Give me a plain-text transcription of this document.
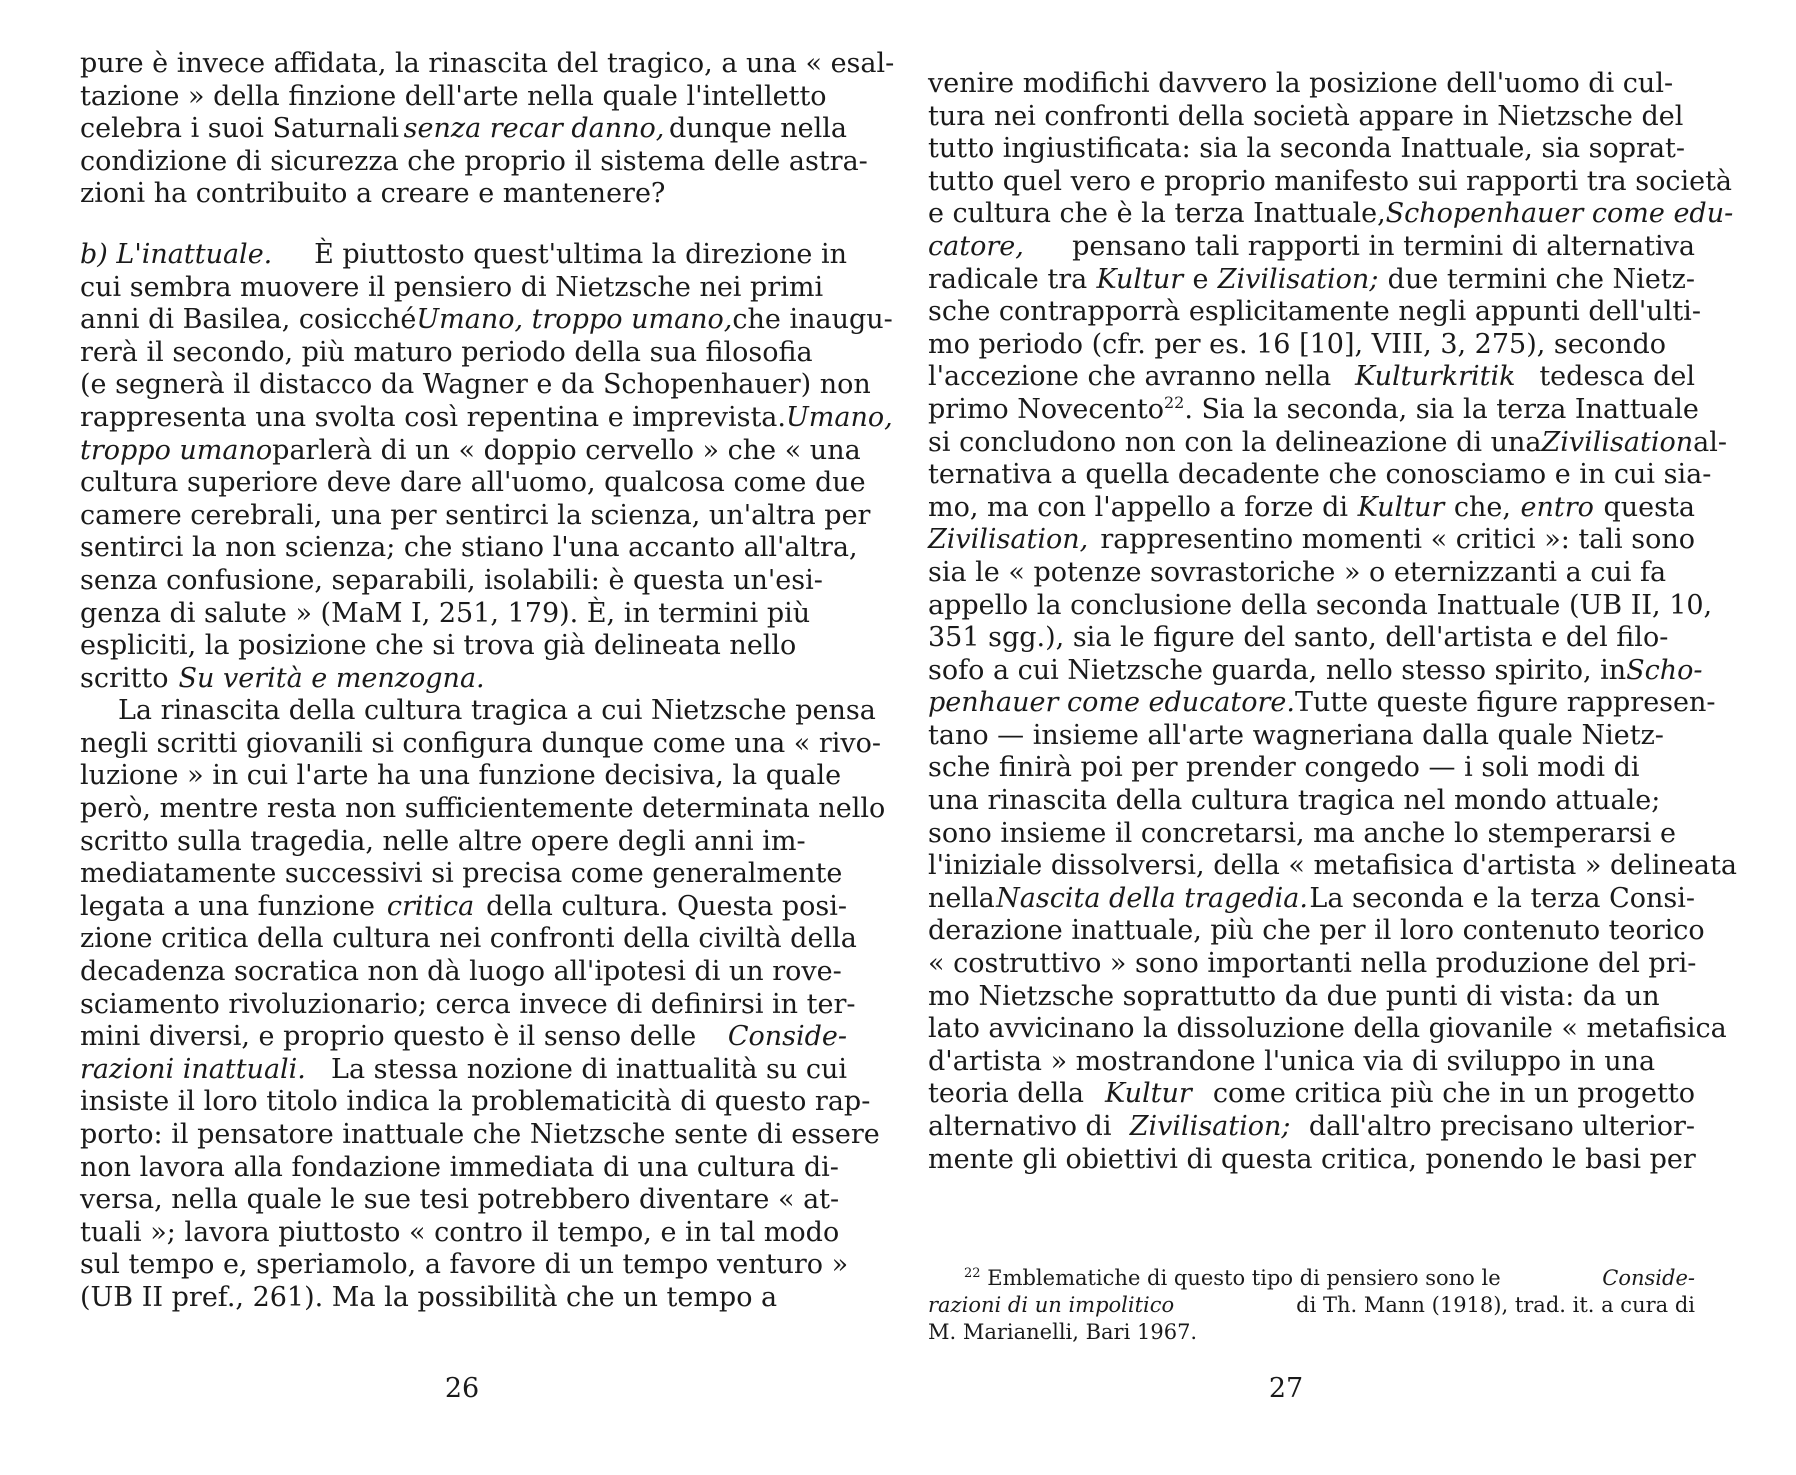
pure è invece affidata, la rinascita del tragico, a una « esal-
tazione » della finzione dell'arte nella quale l'intelletto
celebra i suoi Saturnali senza recar danno, dunque nella
condizione di sicurezza che proprio il sistema delle astra-
zioni ha contribuito a creare e mantenere?
b) L'inattuale. È piuttosto quest'ultima la direzione in
cui sembra muovere il pensiero di Nietzsche nei primi
anni di Basilea, cosicché Umano, troppo umano, che inaugu-
rerà il secondo, più maturo periodo della sua filosofia
(e segnerà il distacco da Wagner e da Schopenhauer) non
rappresenta una svolta così repentina e imprevista. Umano,
troppo umano parlerà di un « doppio cervello » che « una
cultura superiore deve dare all'uomo, qualcosa come due
camere cerebrali, una per sentirci la scienza, un'altra per
sentirci la non scienza; che stiano l'una accanto all'altra,
senza confusione, separabili, isolabili: è questa un'esi-
genza di salute » (MaM I, 251, 179). È, in termini più
espliciti, la posizione che si trova già delineata nello
scritto Su verità e menzogna.
La rinascita della cultura tragica a cui Nietzsche pensa
negli scritti giovanili si configura dunque come una « rivo-
luzione » in cui l'arte ha una funzione decisiva, la quale
però, mentre resta non sufficientemente determinata nello
scritto sulla tragedia, nelle altre opere degli anni im-
mediatamente successivi si precisa come generalmente
legata a una funzione critica della cultura. Questa posi-
zione critica della cultura nei confronti della civiltà della
decadenza socratica non dà luogo all'ipotesi di un rove-
sciamento rivoluzionario; cerca invece di definirsi in ter-
mini diversi, e proprio questo è il senso delle Conside-
razioni inattuali. La stessa nozione di inattualità su cui
insiste il loro titolo indica la problematicità di questo rap-
porto: il pensatore inattuale che Nietzsche sente di essere
non lavora alla fondazione immediata di una cultura di-
versa, nella quale le sue tesi potrebbero diventare « at-
tuali »; lavora piuttosto « contro il tempo, e in tal modo
sul tempo e, speriamolo, a favore di un tempo venturo »
(UB II pref., 261). Ma la possibilità che un tempo a
26
venire modifichi davvero la posizione dell'uomo di cul-
tura nei confronti della società appare in Nietzsche del
tutto ingiustificata: sia la seconda Inattuale, sia soprat-
tutto quel vero e proprio manifesto sui rapporti tra società
e cultura che è la terza Inattuale, Schopenhauer come edu-
catore, pensano tali rapporti in termini di alternativa
radicale tra Kultur e Zivilisation; due termini che Nietz-
sche contrapporrà esplicitamente negli appunti dell'ulti-
mo periodo (cfr. per es. 16 [10], VIII, 3, 275), secondo
l'accezione che avranno nella Kulturkritik tedesca del
primo Novecento$^{22}$ . Sia la seconda, sia la terza Inattuale
si concludono non con la delineazione di una Zivilisation al-
ternativa a quella decadente che conosciamo e in cui sia-
mo, ma con l'appello a forze di Kultur che, entro questa
Zivilisation, rappresentino momenti « critici »: tali sono
sia le « potenze sovrastoriche » o eternizzanti a cui fa
appello la conclusione della seconda Inattuale (UB II, 10,
351 sgg.), sia le figure del santo, dell'artista e del filo-
sofo a cui Nietzsche guarda, nello stesso spirito, in Scho-
penhauer come educatore. Tutte queste figure rappresen-
tano — insieme all'arte wagneriana dalla quale Nietz-
sche finirà poi per prender congedo — i soli modi di
una rinascita della cultura tragica nel mondo attuale;
sono insieme il concretarsi, ma anche lo stemperarsi e
l'iniziale dissolversi, della « metafisica d'artista » delineata
nella Nascita della tragedia. La seconda e la terza Consi-
derazione inattuale, più che per il loro contenuto teorico
« costruttivo » sono importanti nella produzione del pri-
mo Nietzsche soprattutto da due punti di vista: da un
lato avvicinano la dissoluzione della giovanile « metafisica
d'artista » mostrandone l'unica via di sviluppo in una
teoria della Kultur come critica più che in un progetto
alternativo di Zivilisation; dall'altro precisano ulterior-
mente gli obiettivi di questa critica, ponendo le basi per
$^{22}$ Emblematiche di questo tipo di pensiero sono le	Conside-
razioni di un impolitico	di Th. Mann (1918), trad. it. a cura di
M. Marianelli, Bari 1967.
27
